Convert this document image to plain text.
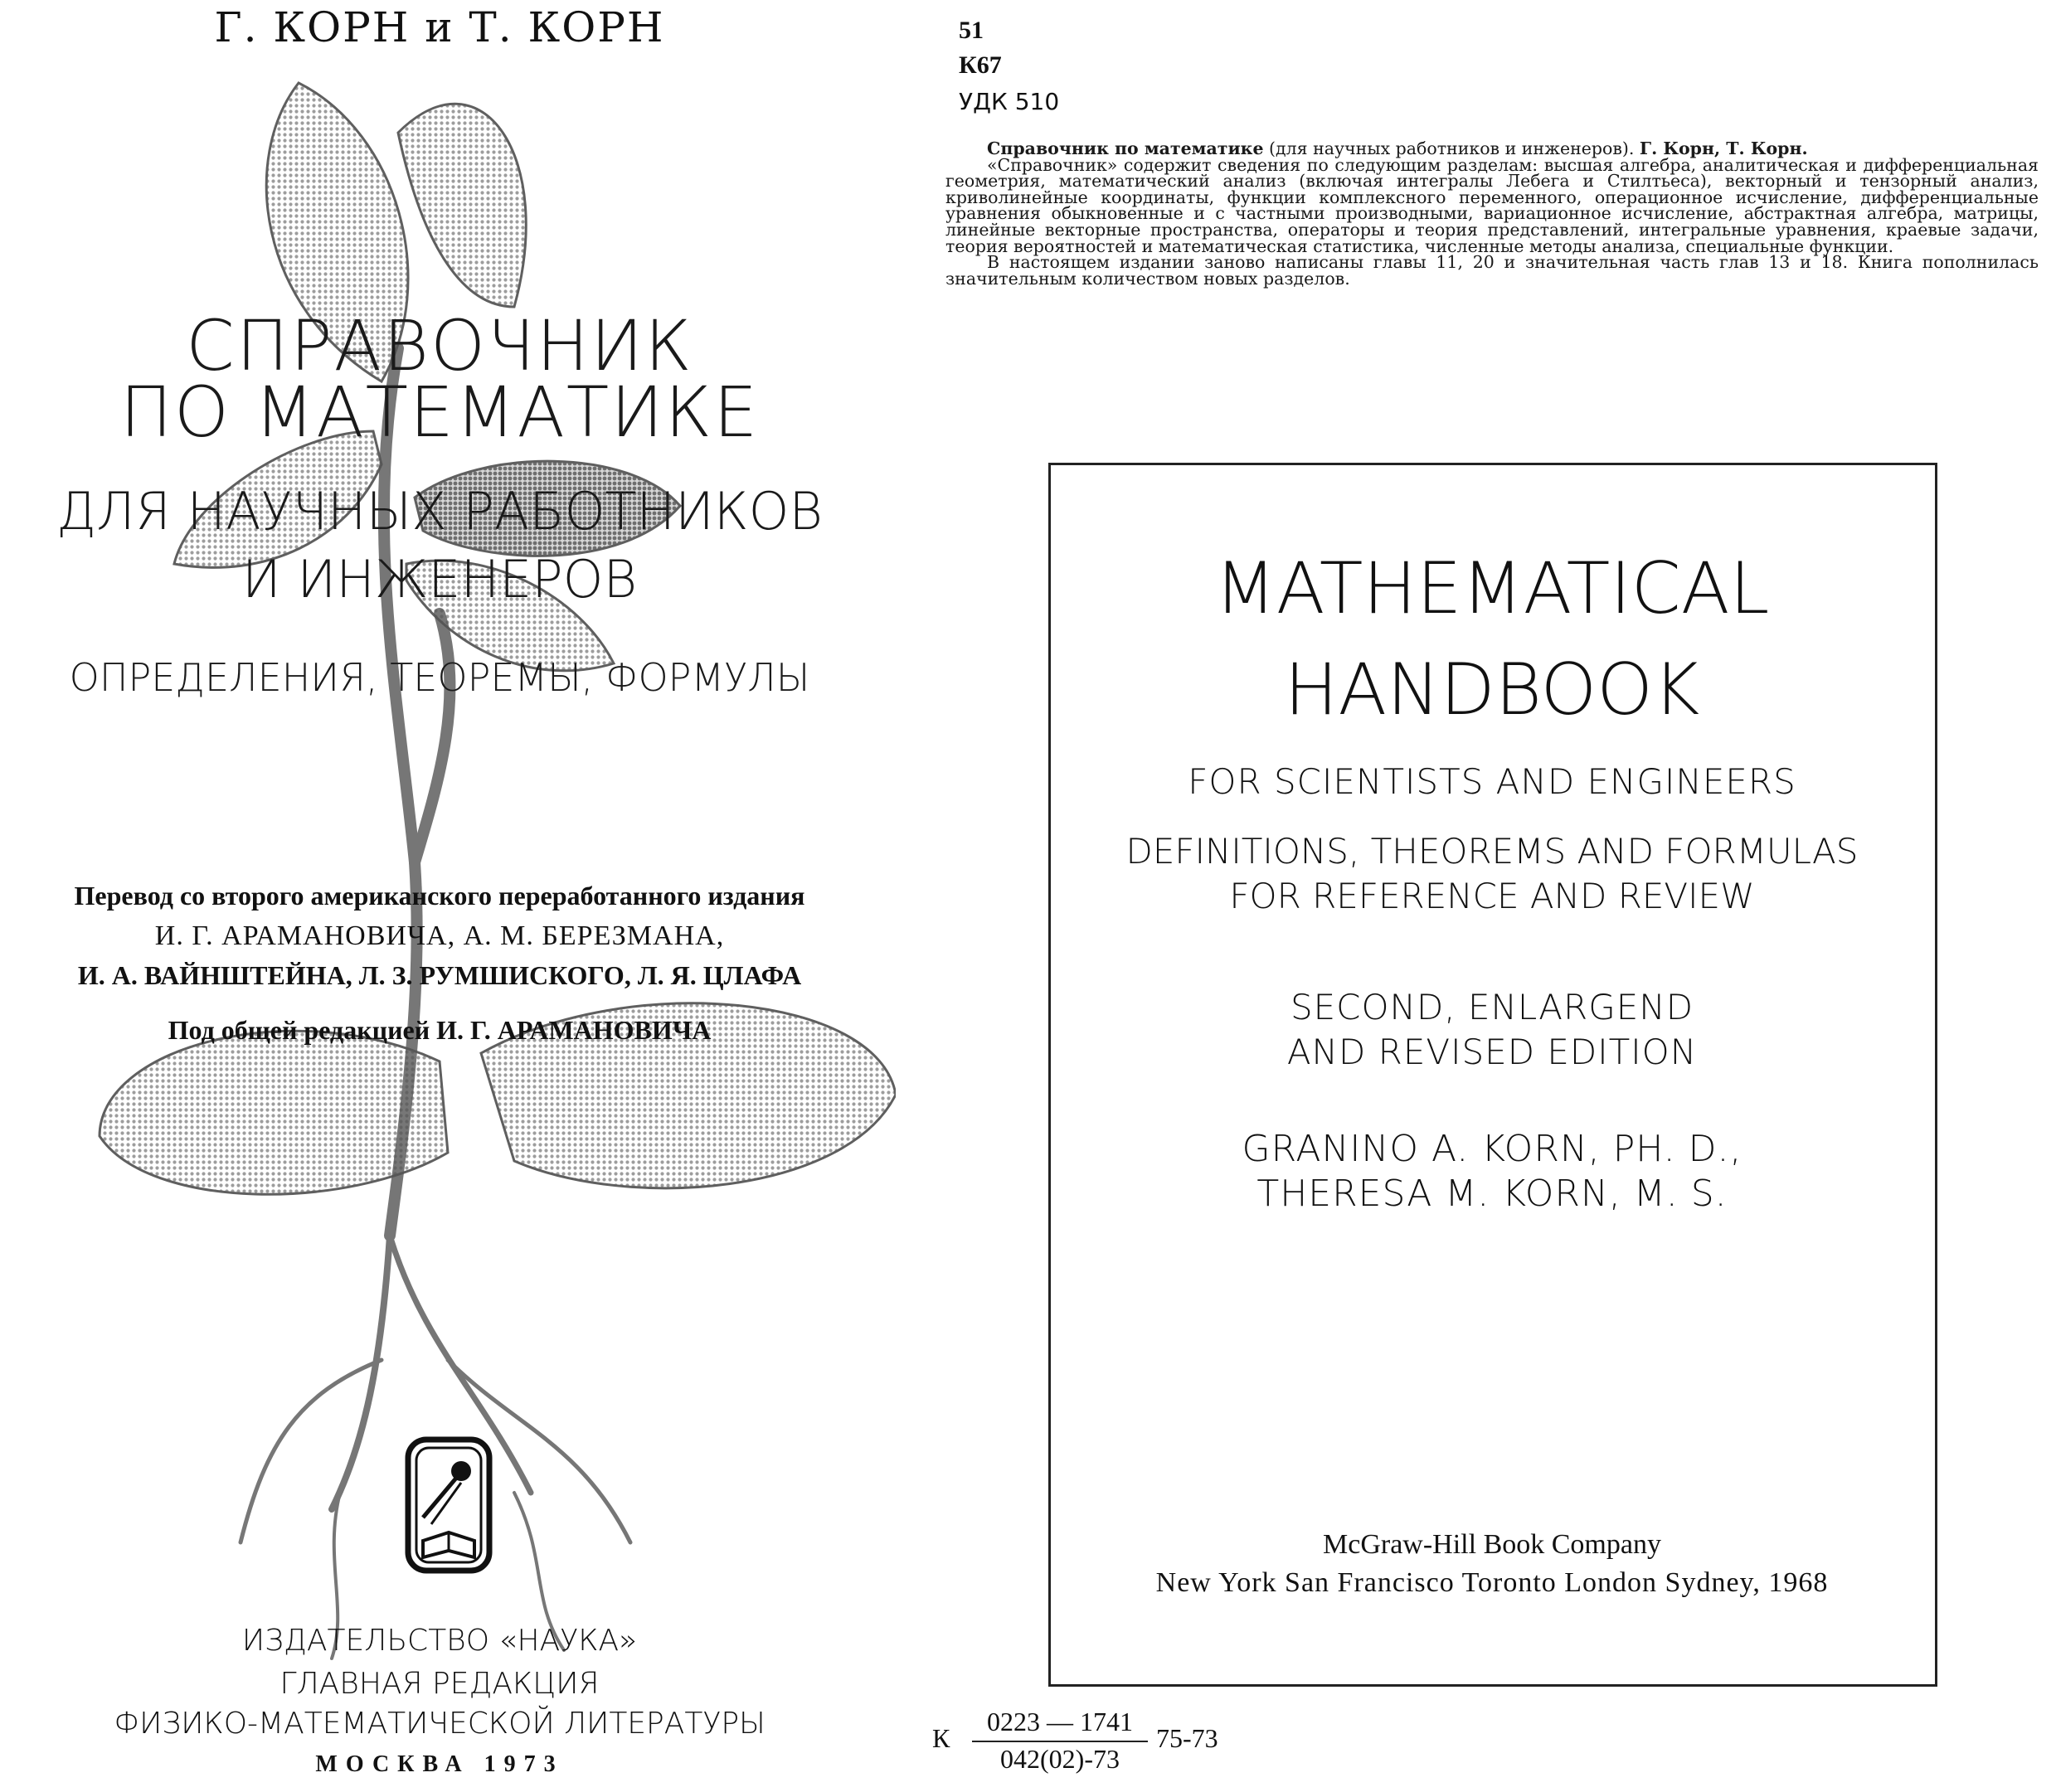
Г. КОРН и Т. КОРН
СПРАВОЧНИК
ПО МАТЕМАТИКЕ
ДЛЯ НАУЧНЫХ РАБОТНИКОВ
И ИНЖЕНЕРОВ
ОПРЕДЕЛЕНИЯ, ТЕОРЕМЫ, ФОРМУЛЫ
Перевод со второго американского переработанного издания
И. Г. АРАМАНОВИЧА, А. М. БЕРЕЗМАНА,
И. А. ВАЙНШТЕЙНА, Л. З. РУМШИСКОГО, Л. Я. ЦЛАФА
Под общей редакцией И. Г. АРАМАНОВИЧА
ИЗДАТЕЛЬСТВО «НАУКА»
ГЛАВНАЯ РЕДАКЦИЯ
ФИЗИКО-МАТЕМАТИЧЕСКОЙ ЛИТЕРАТУРЫ
МОСКВА 1973
51
К67
УДК 510

Справочник по математике (для научных работников и инженеров). Г. Корн, Т. Корн.

«Справочник» содержит сведения по следующим разделам: высшая алгебра, аналитическая и дифференциальная геометрия, математический анализ (включая интегралы Лебега и Стилтьеса), векторный и тензорный анализ, криволинейные координаты, функции комплексного переменного, операционное исчисление, дифференциальные уравнения обыкновенные и с частными производными, вариационное исчисление, абстрактная алгебра, матрицы, линейные векторные пространства, операторы и теория представлений, интегральные уравнения, краевые задачи, теория вероятностей и математическая статистика, численные методы анализа, специальные функции.

В настоящем издании заново написаны главы 11, 20 и значительная часть глав 13 и 18. Книга пополнилась значительным количеством новых разделов.

MATHEMATICAL
HANDBOOK
FOR SCIENTISTS AND ENGINEERS
DEFINITIONS, THEOREMS AND FORMULAS
FOR REFERENCE AND REVIEW
SECOND, ENLARGEND
AND REVISED EDITION
GRANINO A. KORN, PH. D.,
THERESA M. KORN, M. S.
McGraw-Hill Book Company
New York San Francisco Toronto London Sydney, 1968
К $\frac{0223 — 1741}{042(02)-73} 75-73$
